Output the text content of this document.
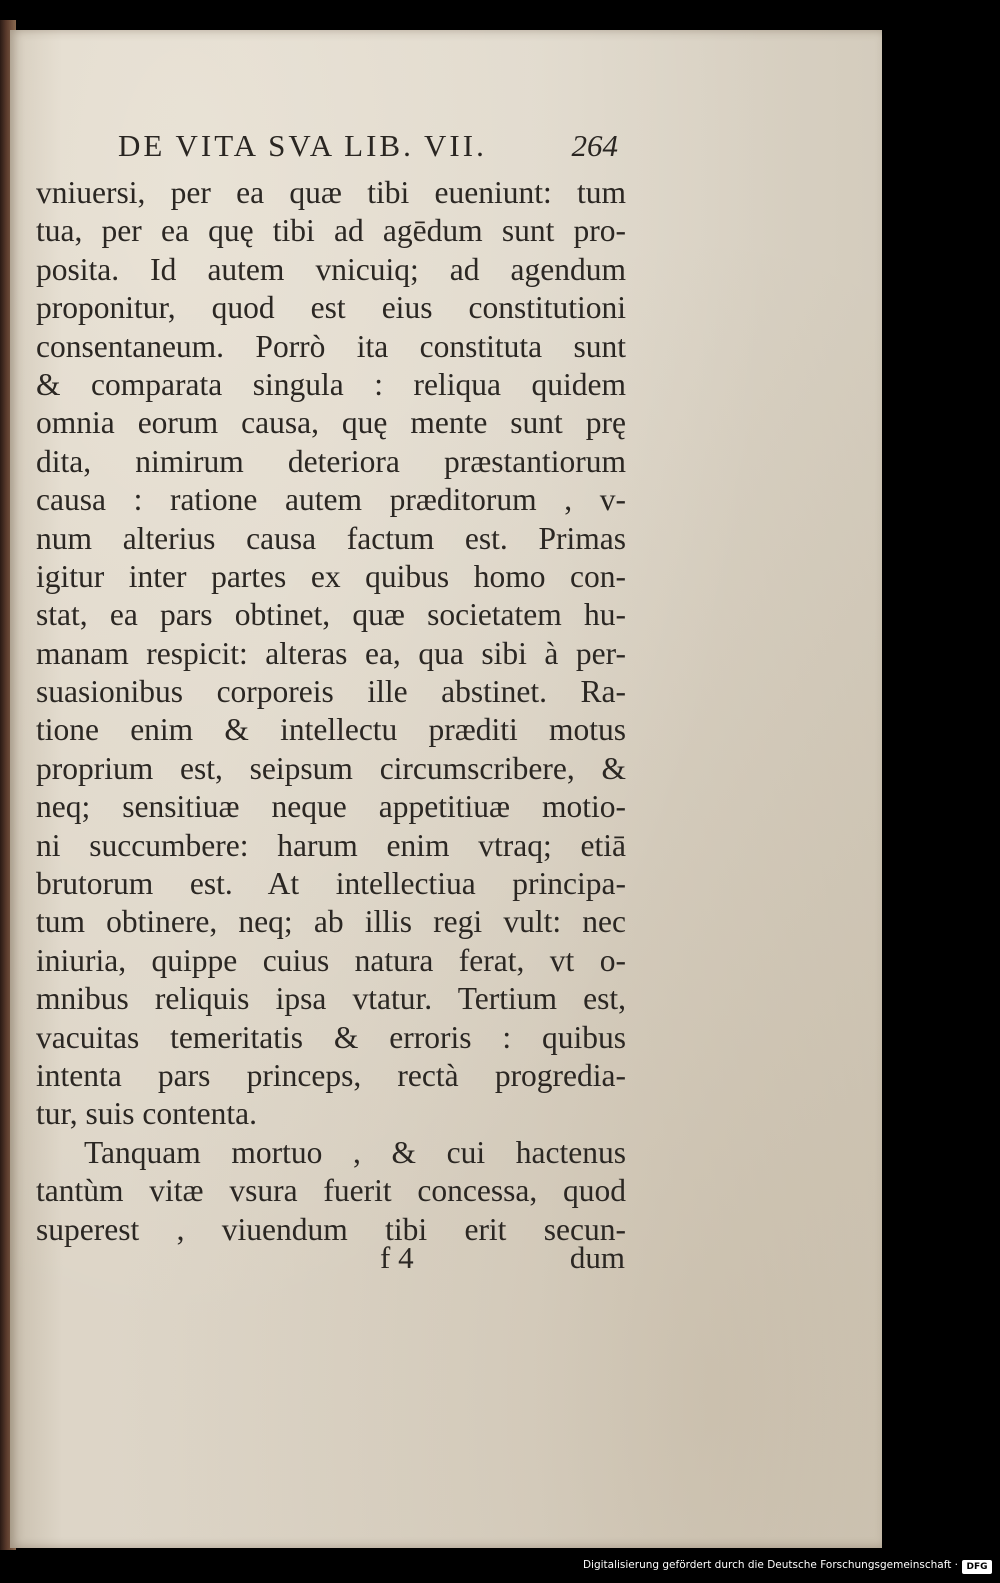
DE VITA SVA LIB. VII.	264
vniuersi, per ea quæ tibi eueniunt: tum
tua, per ea quę tibi ad agēdum sunt pro-
posita. Id autem vnicuiq; ad agendum
proponitur, quod est eius constitutioni
consentaneum. Porrò ita constituta sunt
& comparata singula : reliqua quidem
omnia eorum causa, quę mente sunt prę
dita, nimirum deteriora præstantiorum
causa : ratione autem præditorum , v-
num alterius causa factum est. Primas
igitur inter partes ex quibus homo con-
stat, ea pars obtinet, quæ societatem hu-
manam respicit: alteras ea, qua sibi à per-
suasionibus corporeis ille abstinet. Ra-
tione enim & intellectu præditi motus
proprium est, seipsum circumscribere, &
neq; sensitiuæ neque appetitiuæ motio-
ni succumbere: harum enim vtraq; etiā
brutorum est. At intellectiua principa-
tum obtinere, neq; ab illis regi vult: nec
iniuria, quippe cuius natura ferat, vt o-
mnibus reliquis ipsa vtatur. Tertium est,
vacuitas temeritatis & erroris : quibus
intenta pars princeps, rectà progredia-
tur, suis contenta.
Tanquam mortuo , & cui hactenus
tantùm vitæ vsura fuerit concessa, quod
superest , viuendum tibi erit secun-
f 4	dum
Digitalisierung gefördert durch die Deutsche Forschungsgemeinschaft · DFG
